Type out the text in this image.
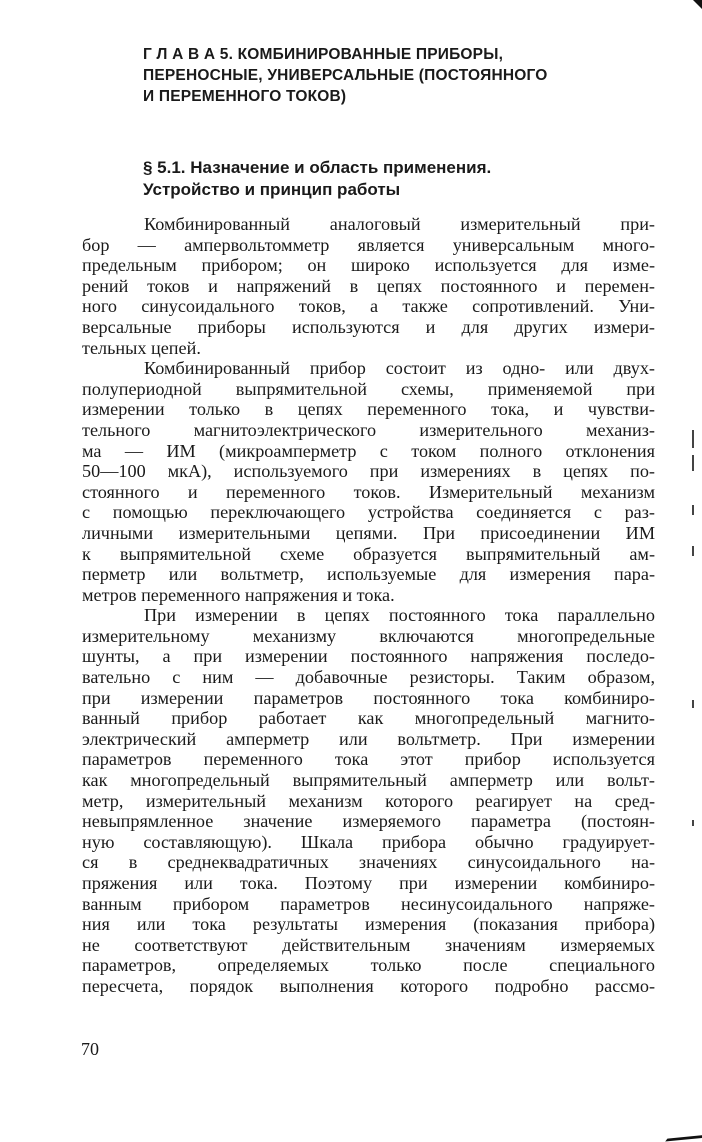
Г Л А В А 5. КОМБИНИРОВАННЫЕ ПРИБОРЫ,
ПЕРЕНОСНЫЕ, УНИВЕРСАЛЬНЫЕ (ПОСТОЯННОГО
И ПЕРЕМЕННОГО ТОКОВ)
§ 5.1. Назначение и область применения.
Устройство и принцип работы
Комбинированный аналоговый измерительный при-
бор — ампервольтомметр является универсальным много-
предельным прибором; он широко используется для изме-
рений токов и напряжений в цепях постоянного и перемен-
ного синусоидального токов, а также сопротивлений. Уни-
версальные приборы используются и для других измери-
тельных цепей.
Комбинированный прибор состоит из одно- или двух-
полупериодной выпрямительной схемы, применяемой при
измерении только в цепях переменного тока, и чувстви-
тельного магнитоэлектрического измерительного механиз-
ма — ИМ (микроамперметр с током полного отклонения
50—100 мкА), используемого при измерениях в цепях по-
стоянного и переменного токов. Измерительный механизм
с помощью переключающего устройства соединяется с раз-
личными измерительными цепями. При присоединении ИМ
к выпрямительной схеме образуется выпрямительный ам-
перметр или вольтметр, используемые для измерения пара-
метров переменного напряжения и тока.
При измерении в цепях постоянного тока параллельно
измерительному механизму включаются многопредельные
шунты, а при измерении постоянного напряжения последо-
вательно с ним — добавочные резисторы. Таким образом,
при измерении параметров постоянного тока комбиниро-
ванный прибор работает как многопредельный магнито-
электрический амперметр или вольтметр. При измерении
параметров переменного тока этот прибор используется
как многопредельный выпрямительный амперметр или вольт-
метр, измерительный механизм которого реагирует на сред-
невыпрямленное значение измеряемого параметра (постоян-
ную составляющую). Шкала прибора обычно градуирует-
ся в среднеквадратичных значениях синусоидального на-
пряжения или тока. Поэтому при измерении комбиниро-
ванным прибором параметров несинусоидального напряже-
ния или тока результаты измерения (показания прибора)
не соответствуют действительным значениям измеряемых
параметров, определяемых только после специального
пересчета, порядок выполнения которого подробно рассмо-
70
